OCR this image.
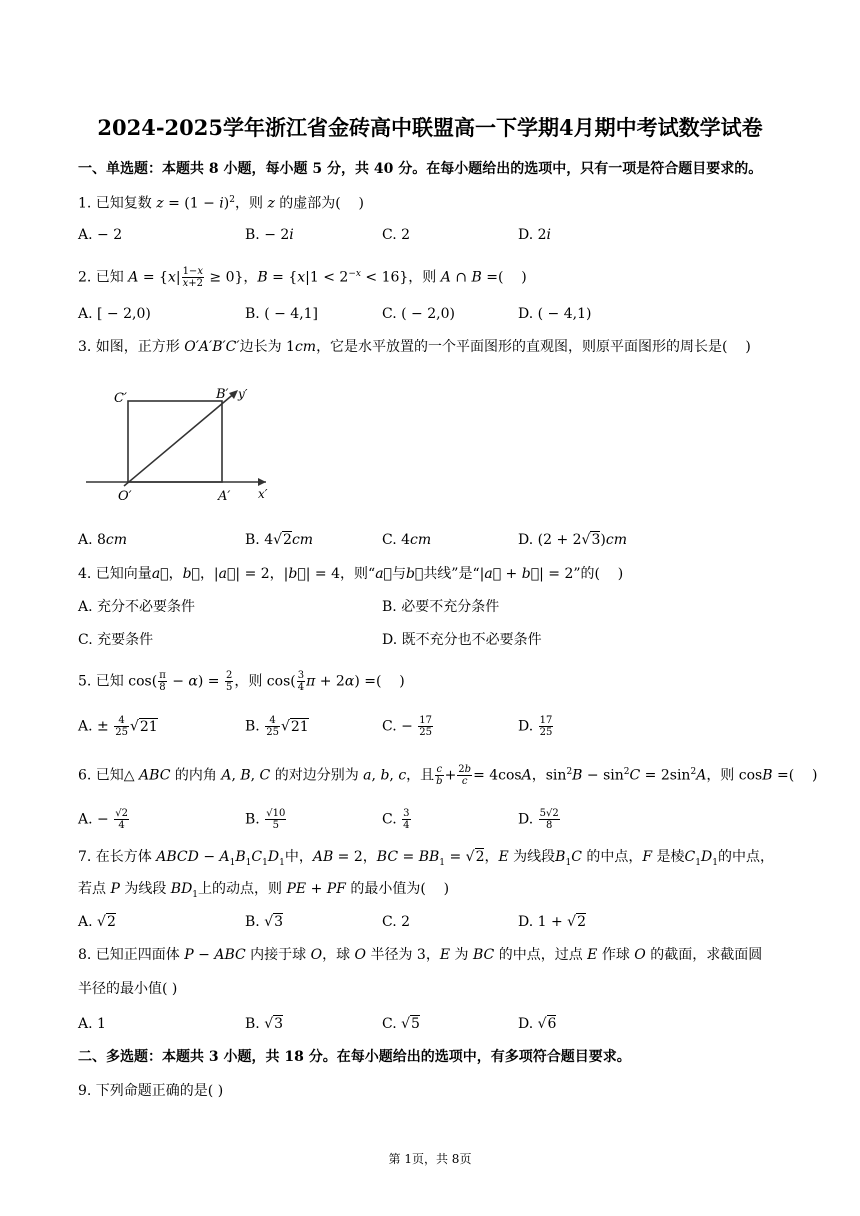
2024-2025学年浙江省金砖高中联盟高一下学期4月期中考试数学试卷
一、单选题：本题共 8 小题，每小题 5 分，共 40 分。在每小题给出的选项中，只有一项是符合题目要求的。
1. 已知复数 $z = (1 - i)^2$，则 z 的虚部为(    )
A. − 2	B. − 2i	C. 2	D. 2i
2. 已知 $A = \{x| \frac{1-x}{x+2} \ge 0\}$，$B = \{x|1 < 2^{-x} < 16\}$，则 A ∩ B =(    )
A. [ − 2,0)	B. ( − 4,1]	C. ( − 2,0)	D. ( − 4,1)
3. 如图，正方形 O′A′B′C′边长为 1cm，它是水平放置的一个平面图形的直观图，则原平面图形的周长是(    )
C′	B′ y′
O′	A′ x′
A. 8cm	B. 4√2cm	C. 4cm	D. (2 + 2√3)cm
4. 已知向量a⃗，b⃗，|a⃗| = 2，|b⃗| = 4，则“a⃗与b⃗共线”是“|a⃗ + b⃗| = 2”的(    )
A. 充分不必要条件	B. 必要不充分条件
C. 充要条件	D. 既不充分也不必要条件
5. 已知 $\cos( \frac{\pi}{8} - \alpha) = \frac{2}{5}$ ，则 $\cos( \frac{3}{4}$ π + 2α) =(    )
A. ± $\frac{4}{25} √21$	B. $\frac{4}{25} √21$	C. − $\frac{17}{25}$	D. $\frac{17}{25}$
6. 已知△ ABC 的内角 A, B, C 的对边分别为 a, b, c，且 $\frac{c}{b} + \frac{2b}{c} = 4\cos A$，$\sin^2B - \sin^2C = 2\sin^2A$，则 cosB =(    )
A. − $\frac{√2}{4}$	B. $\frac{√10}{5}$	C. $\frac{3}{4}$	D. $\frac{5√2}{8}$
7. 在长方体 ABCD − $A_1B_1C_1D_1$中，AB = 2，BC = $BB_1 = √2$，E 为线段$B_1C$ 的中点，F 是棱$C_1D_1$的中点，
若点 P 为线段 $BD_1$上的动点，则 PE + PF 的最小值为(    )
A. √2	B. √3	C. 2	D. 1 + √2
8. 已知正四面体 P − ABC 内接于球 O，球 O 半径为 3，E 为 BC 的中点，过点 E 作球 O 的截面，求截面圆
半径的最小值( )
A. 1	B. √3	C. √5	D. √6
二、多选题：本题共 3 小题，共 18 分。在每小题给出的选项中，有多项符合题目要求。
9. 下列命题正确的是( )
第 1页，共 8页
